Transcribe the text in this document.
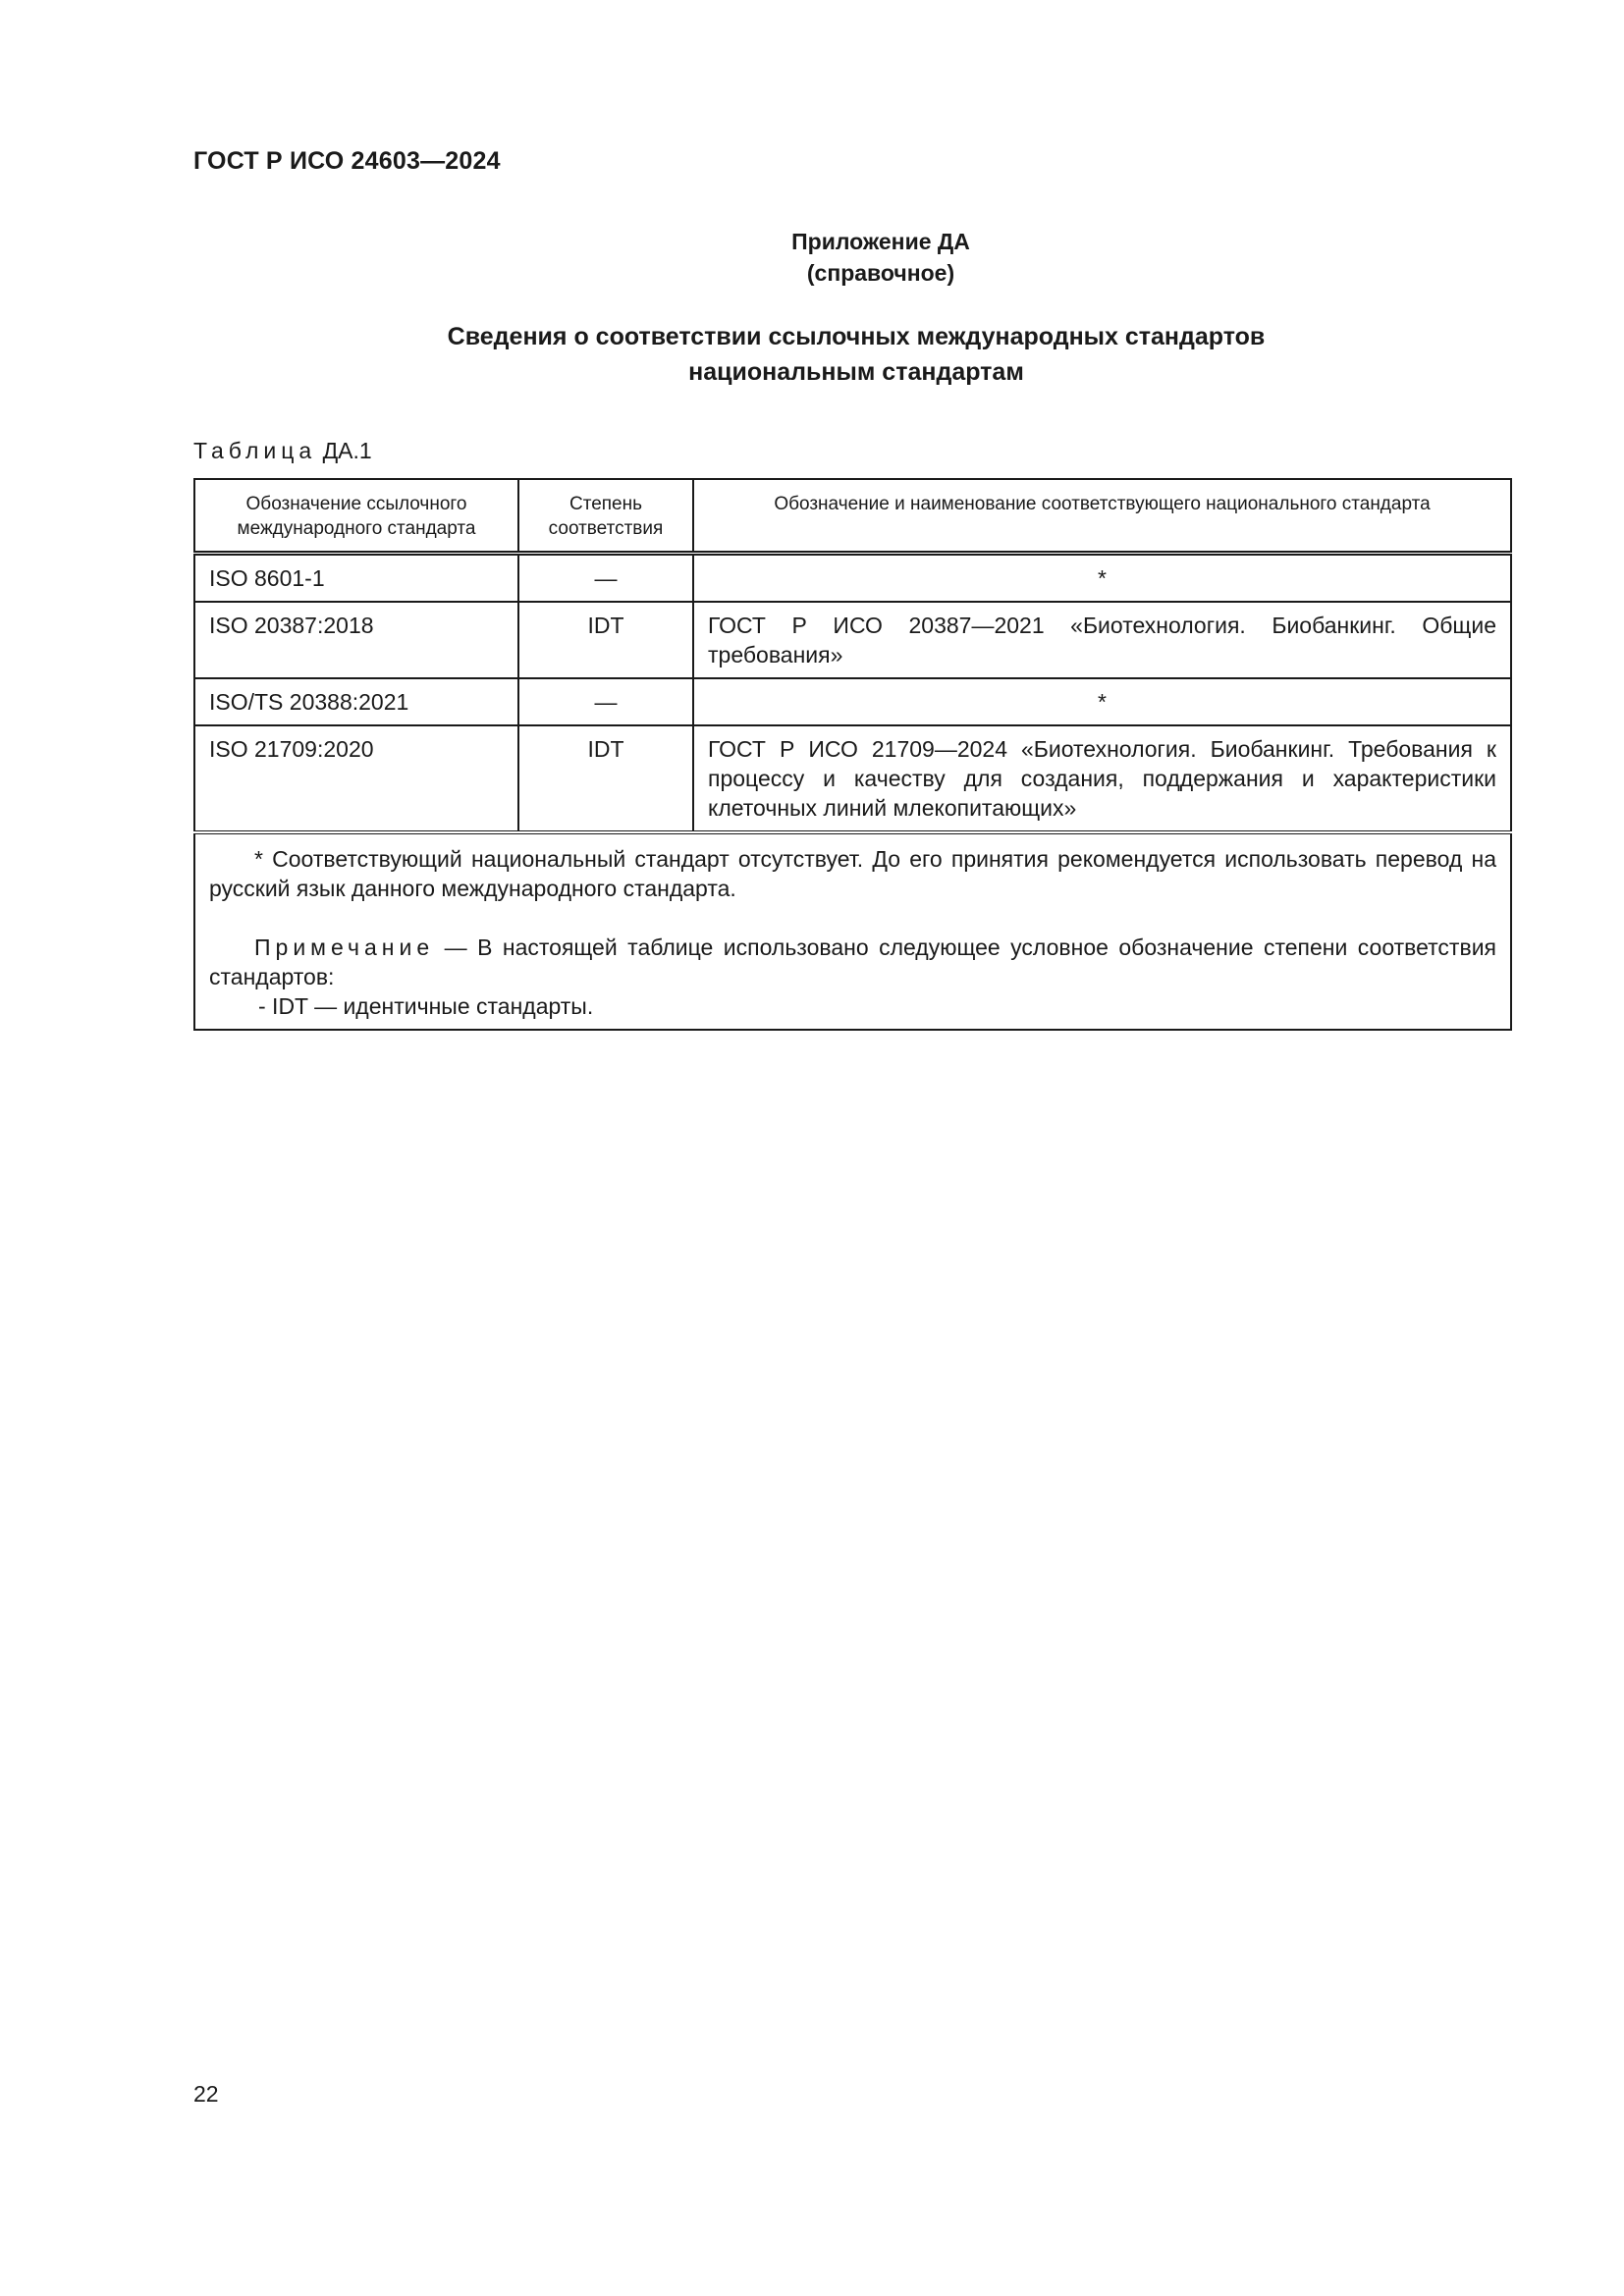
ГОСТ Р ИСО 24603—2024
Приложение ДА
(справочное)
Сведения о соответствии ссылочных международных стандартов
национальным стандартам
Таблица ДА.1
Обозначение ссылочного международного стандарта	Степень соответствия	Обозначение и наименование соответствующего национального стандарта
ISO 8601-1	—	*
ISO 20387:2018	IDT	ГОСТ Р ИСО 20387—2021 «Биотехнология. Биобанкинг. Общие требования»
ISO/TS 20388:2021	—	*
ISO 21709:2020	IDT	ГОСТ Р ИСО 21709—2024 «Биотехнология. Биобанкинг. Требования к процессу и качеству для создания, поддержания и характеристики клеточных линий млекопитающих»

* Соответствующий национальный стандарт отсутствует. До его принятия рекомендуется использовать перевод на русский язык данного международного стандарта.

Примечание — В настоящей таблице использовано следующее условное обозначение степени соответствия стандартов:

- IDT — идентичные стандарты.		

22
